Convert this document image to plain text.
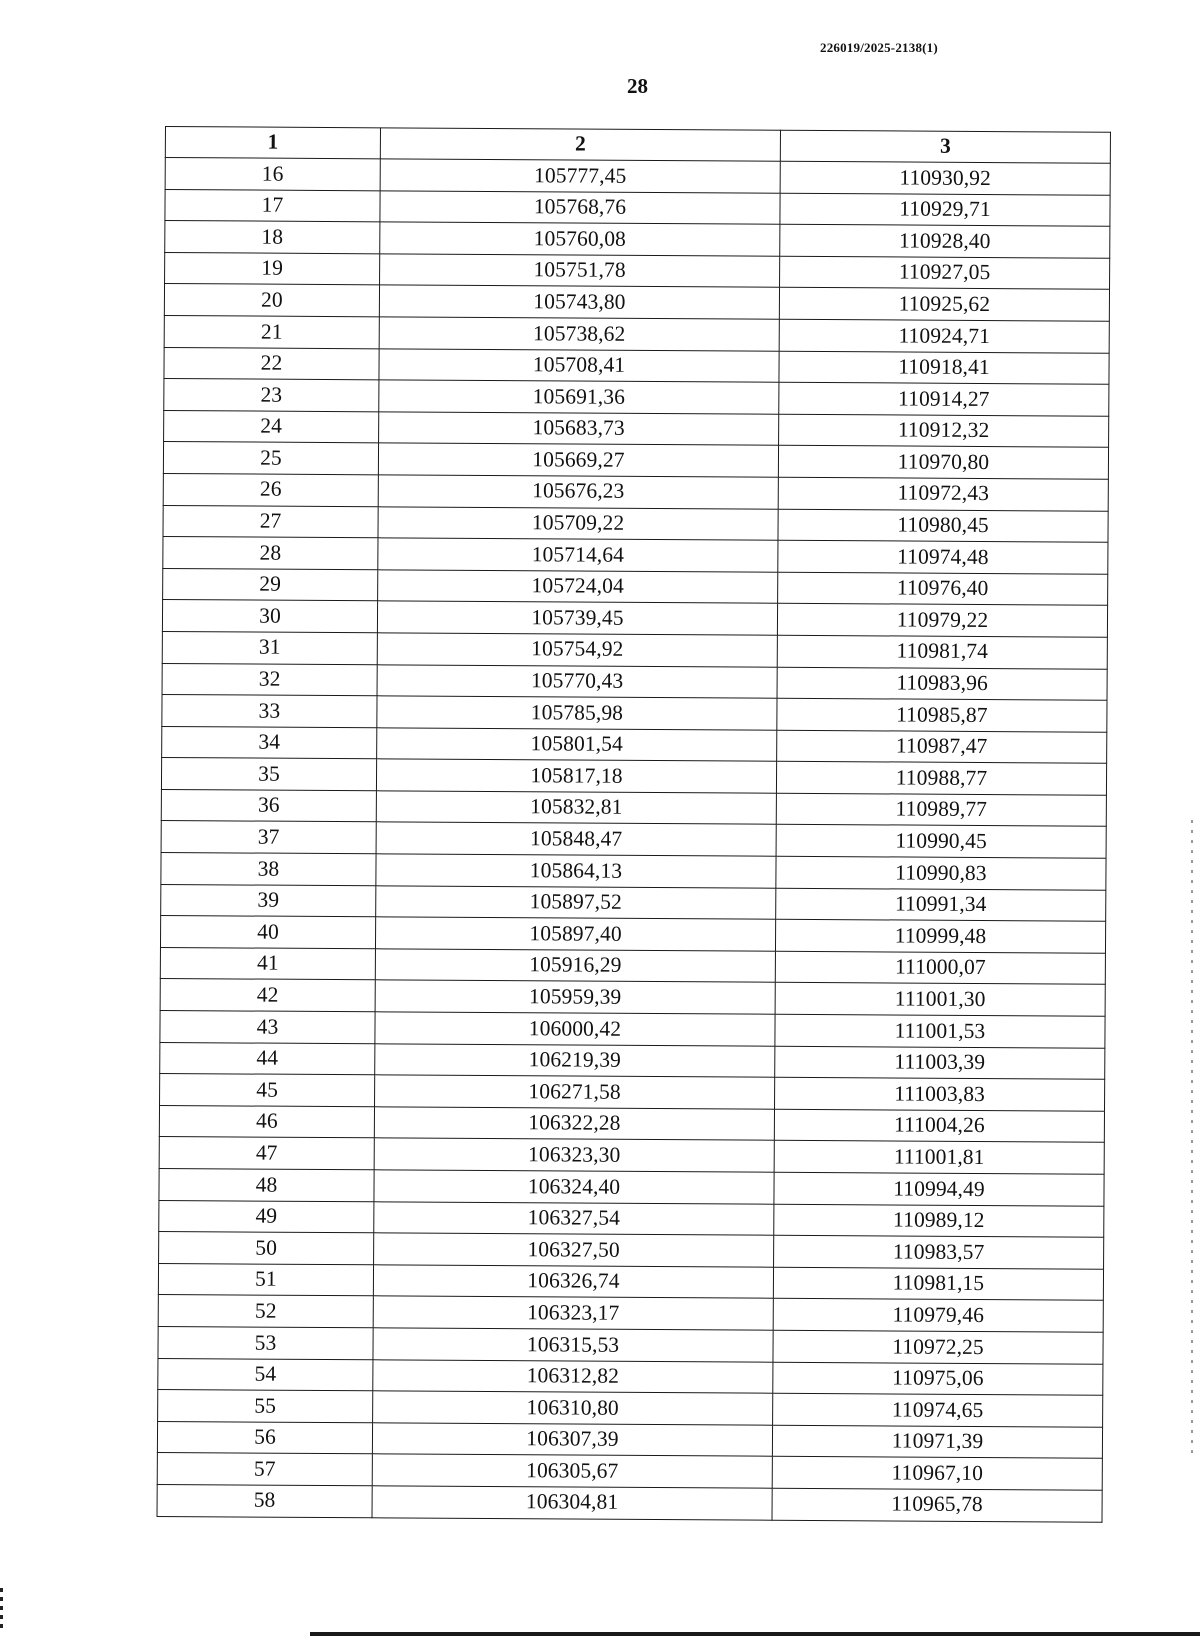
226019/2025-2138(1)
28
1	2	3
16	105777,45	110930,92
17	105768,76	110929,71
18	105760,08	110928,40
19	105751,78	110927,05
20	105743,80	110925,62
21	105738,62	110924,71
22	105708,41	110918,41
23	105691,36	110914,27
24	105683,73	110912,32
25	105669,27	110970,80
26	105676,23	110972,43
27	105709,22	110980,45
28	105714,64	110974,48
29	105724,04	110976,40
30	105739,45	110979,22
31	105754,92	110981,74
32	105770,43	110983,96
33	105785,98	110985,87
34	105801,54	110987,47
35	105817,18	110988,77
36	105832,81	110989,77
37	105848,47	110990,45
38	105864,13	110990,83
39	105897,52	110991,34
40	105897,40	110999,48
41	105916,29	111000,07
42	105959,39	111001,30
43	106000,42	111001,53
44	106219,39	111003,39
45	106271,58	111003,83
46	106322,28	111004,26
47	106323,30	111001,81
48	106324,40	110994,49
49	106327,54	110989,12
50	106327,50	110983,57
51	106326,74	110981,15
52	106323,17	110979,46
53	106315,53	110972,25
54	106312,82	110975,06
55	106310,80	110974,65
56	106307,39	110971,39
57	106305,67	110967,10
58	106304,81	110965,78
